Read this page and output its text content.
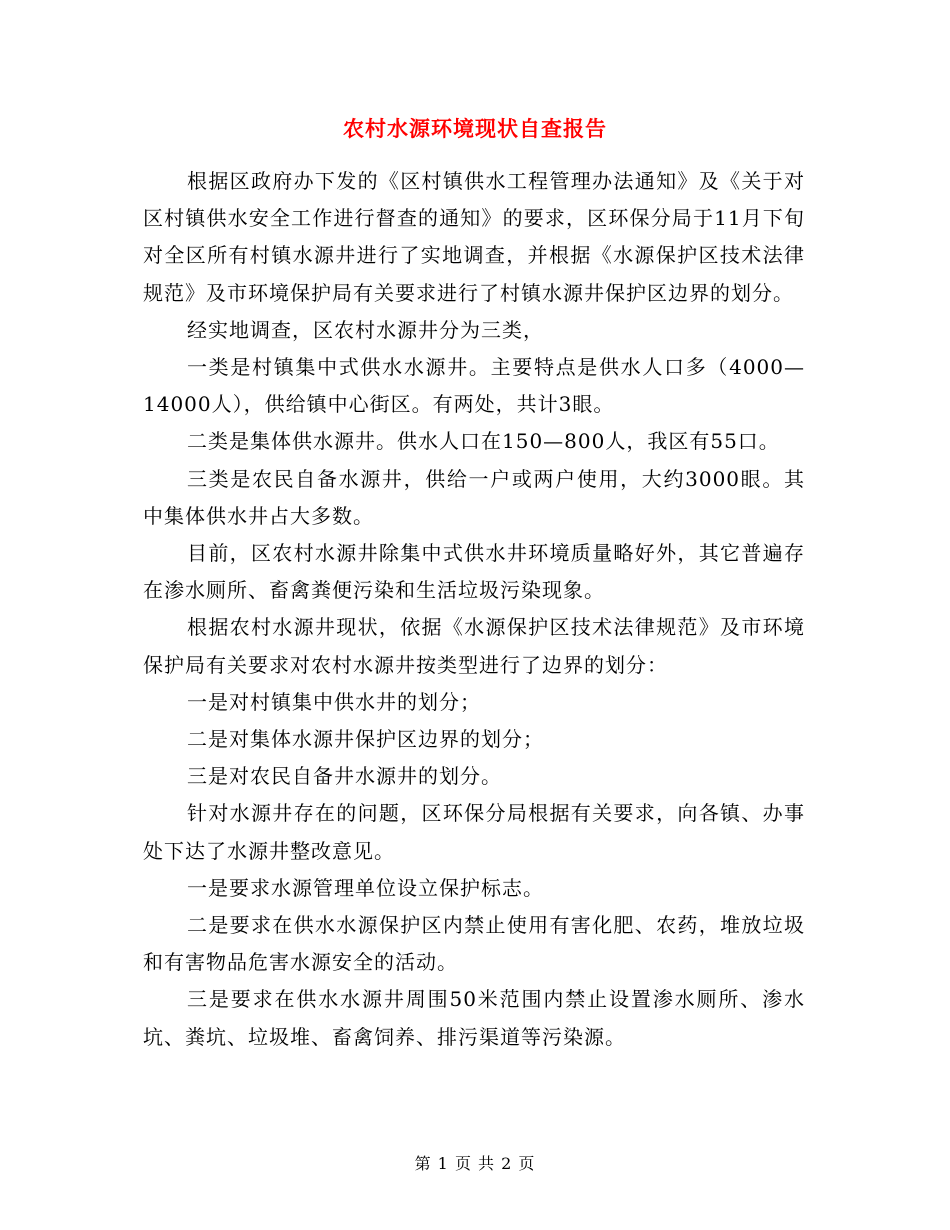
农村水源环境现状自查报告

根据区政府办下发的《区村镇供水工程管理办法通知》及《关于对区村镇供水安全工作进行督查的通知》的要求，区环保分局于11月下旬对全区所有村镇水源井进行了实地调查，并根据《水源保护区技术法律规范》及市环境保护局有关要求进行了村镇水源井保护区边界的划分。

经实地调查，区农村水源井分为三类，

一类是村镇集中式供水水源井。主要特点是供水人口多（4000—14000人），供给镇中心街区。有两处，共计3眼。

二类是集体供水源井。供水人口在150—800人，我区有55口。

三类是农民自备水源井，供给一户或两户使用，大约3000眼。其中集体供水井占大多数。

目前，区农村水源井除集中式供水井环境质量略好外，其它普遍存在渗水厕所、畜禽粪便污染和生活垃圾污染现象。

根据农村水源井现状，依据《水源保护区技术法律规范》及市环境保护局有关要求对农村水源井按类型进行了边界的划分：

一是对村镇集中供水井的划分；

二是对集体水源井保护区边界的划分；

三是对农民自备井水源井的划分。

针对水源井存在的问题，区环保分局根据有关要求，向各镇、办事处下达了水源井整改意见。

一是要求水源管理单位设立保护标志。

二是要求在供水水源保护区内禁止使用有害化肥、农药，堆放垃圾和有害物品危害水源安全的活动。

三是要求在供水水源井周围50米范围内禁止设置渗水厕所、渗水坑、粪坑、垃圾堆、畜禽饲养、排污渠道等污染源。

第 1 页 共 2 页
